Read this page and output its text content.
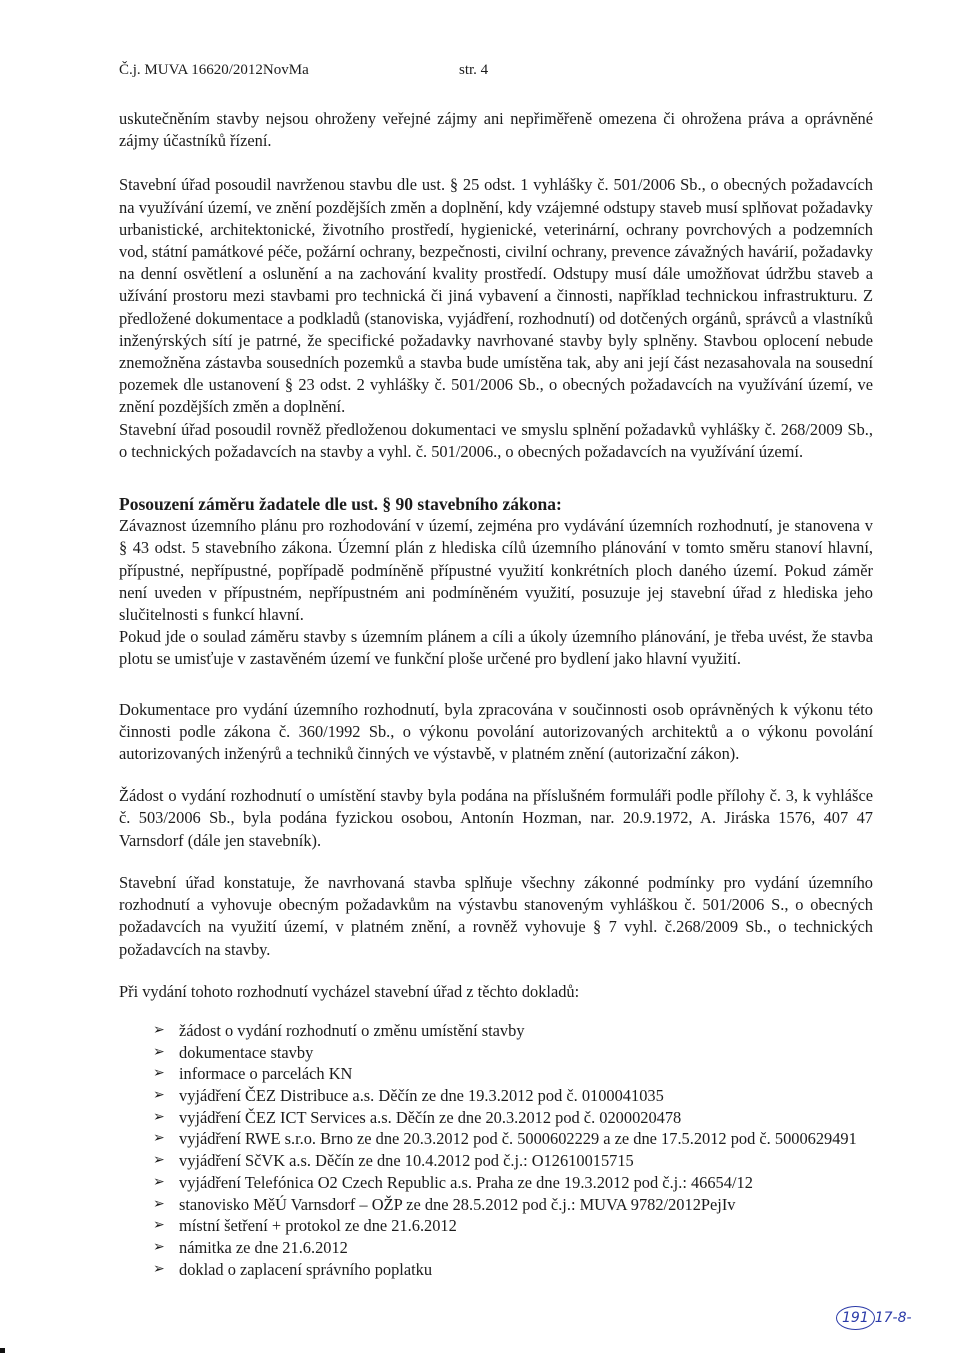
Č.j. MUVA 16620/2012NovMa	str. 4

uskutečněním stavby nejsou ohroženy veřejné zájmy ani nepřiměřeně omezena či ohrožena práva a oprávněné zájmy účastníků řízení.

Stavební úřad posoudil navrženou stavbu dle ust. § 25 odst. 1 vyhlášky č. 501/2006 Sb., o obecných požadavcích na využívání území, ve znění pozdějších změn a doplnění, kdy vzájemné odstupy staveb musí splňovat požadavky urbanistické, architektonické, životního prostředí, hygienické, veterinární, ochrany povrchových a podzemních vod, státní památkové péče, požární ochrany, bezpečnosti, civilní ochrany, prevence závažných havárií, požadavky na denní osvětlení a oslunění a na zachování kvality prostředí. Odstupy musí dále umožňovat údržbu staveb a užívání prostoru mezi stavbami pro technická či jiná vybavení a činnosti, například technickou infrastrukturu. Z předložené dokumentace a podkladů (stanoviska, vyjádření, rozhodnutí) od dotčených orgánů, správců a vlastníků inženýrských sítí je patrné, že specifické požadavky navrhované stavby byly splněny. Stavbou oplocení nebude znemožněna zástavba sousedních pozemků a stavba bude umístěna tak, aby ani její část nezasahovala na sousední pozemek dle ustanovení § 23 odst. 2 vyhlášky č. 501/2006 Sb., o obecných požadavcích na využívání území, ve znění pozdějších změn a doplnění.

Stavební úřad posoudil rovněž předloženou dokumentaci ve smyslu splnění požadavků vyhlášky č. 268/2009 Sb., o technických požadavcích na stavby a vyhl. č. 501/2006., o obecných požadavcích na využívání území.

Posouzení záměru žadatele dle ust. § 90 stavebního zákona:

Závaznost územního plánu pro rozhodování v území, zejména pro vydávání územních rozhodnutí, je stanovena v § 43 odst. 5 stavebního zákona. Územní plán z hlediska cílů územního plánování v tomto směru stanoví hlavní, přípustné, nepřípustné, popřípadě podmíněně přípustné využití konkrétních ploch daného území. Pokud záměr není uveden v přípustném, nepřípustném ani podmíněném využití, posuzuje jej stavební úřad z hlediska jeho slučitelnosti s funkcí hlavní.

Pokud jde o soulad záměru stavby s územním plánem a cíli a úkoly územního plánování, je třeba uvést, že stavba plotu se umisťuje v zastavěném území ve funkční ploše určené pro bydlení jako hlavní využití.

Dokumentace pro vydání územního rozhodnutí, byla zpracována v součinnosti osob oprávněných k výkonu této činnosti podle zákona č. 360/1992 Sb., o výkonu povolání autorizovaných architektů a o výkonu povolání autorizovaných inženýrů a techniků činných ve výstavbě, v platném znění (autorizační zákon).

Žádost o vydání rozhodnutí o umístění stavby byla podána na příslušném formuláři podle přílohy č. 3, k vyhlášce č. 503/2006 Sb., byla podána fyzickou osobou, Antonín Hozman, nar. 20.9.1972, A. Jiráska 1576, 407 47 Varnsdorf (dále jen stavebník).

Stavební úřad konstatuje, že navrhovaná stavba splňuje všechny zákonné podmínky pro vydání územního rozhodnutí a vyhovuje obecným požadavkům na výstavbu stanoveným vyhláškou č. 501/2006 S., o obecných požadavcích na využití území, v platném znění, a rovněž vyhovuje § 7 vyhl. č.268/2009 Sb., o technických požadavcích na stavby.

Při vydání tohoto rozhodnutí vycházel stavební úřad z těchto dokladů:

➢ žádost o vydání rozhodnutí o změnu umístění stavby
➢ dokumentace stavby
➢ informace o parcelách KN
➢ vyjádření ČEZ Distribuce a.s. Děčín ze dne 19.3.2012 pod č. 0100041035
➢ vyjádření ČEZ ICT Services a.s. Děčín ze dne 20.3.2012 pod č. 0200020478
➢ vyjádření RWE s.r.o. Brno ze dne 20.3.2012 pod č. 5000602229 a ze dne 17.5.2012 pod č. 5000629491
➢ vyjádření SčVK a.s. Děčín ze dne 10.4.2012 pod č.j.: O12610015715
➢ vyjádření Telefónica O2 Czech Republic a.s. Praha ze dne 19.3.2012 pod č.j.: 46654/12
➢ stanovisko MěÚ Varnsdorf – OŽP ze dne 28.5.2012 pod č.j.: MUVA 9782/2012PejIv
➢ místní šetření + protokol ze dne 21.6.2012
➢ námitka ze dne 21.6.2012
➢ doklad o zaplacení správního poplatku
191 17-8-
